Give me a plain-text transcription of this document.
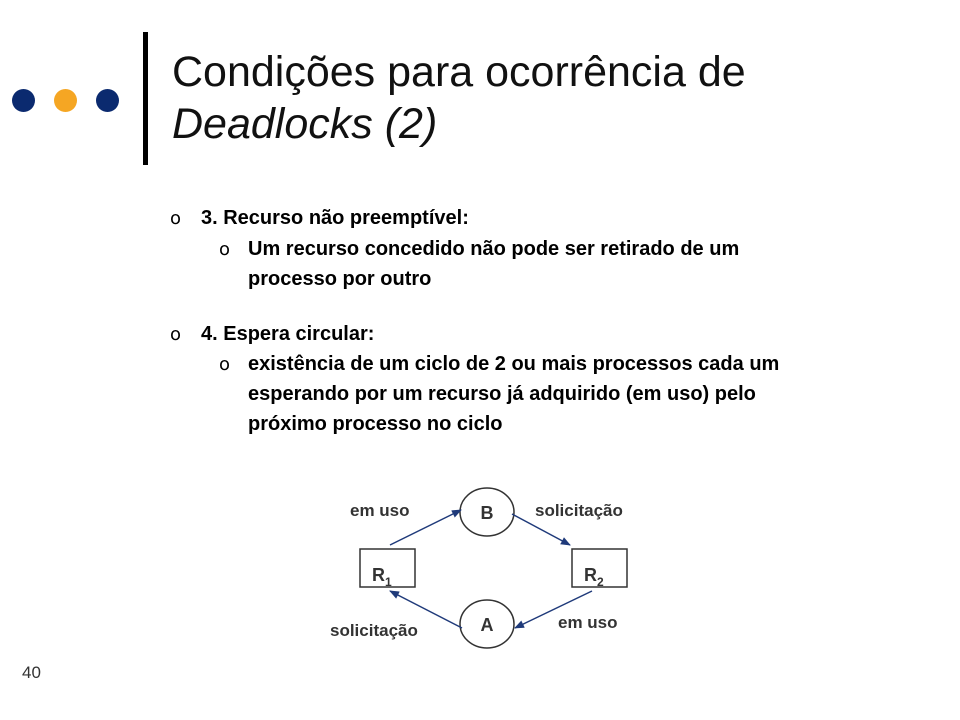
Condições para ocorrência de
Deadlocks (2)
o 3. Recurso não preemptível:
o Um recurso concedido não pode ser retirado de um
processo por outro
o 4. Espera circular:
o existência de um ciclo de 2 ou mais processos cada um
esperando por um recurso já adquirido (em uso) pelo
próximo processo no ciclo
B
A
$R_1$	$R_2$
em uso	solicitação
solicitação	em uso
40
